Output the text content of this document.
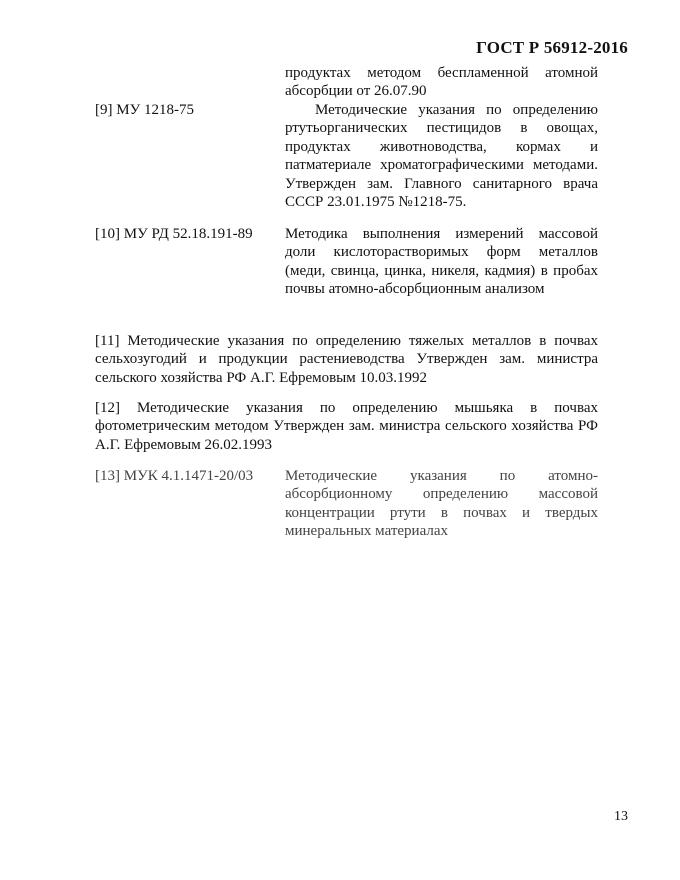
ГОСТ Р 56912-2016
продуктах методом беспламенной атомной абсорбции от 26.07.90
[9] МУ 1218-75	Методические указания по определению ртутьорганических пестицидов в овощах, продуктах животноводства, кормах и патматериале хроматографическими методами. Утвержден зам. Главного санитарного врача СССР 23.01.1975 №1218-75.
[10] МУ РД 52.18.191-89	Методика выполнения измерений массовой доли кислоторастворимых форм металлов (меди, свинца, цинка, никеля, кадмия) в пробах почвы атомно-абсорбционным анализом
[11] Методические указания по определению тяжелых металлов в почвах сельхозугодий и продукции растениеводства Утвержден зам. министра сельского хозяйства РФ А.Г. Ефремовым 10.03.1992
[12] Методические указания по определению мышьяка в почвах фотометрическим методом Утвержден зам. министра сельского хозяйства РФ А.Г. Ефремовым 26.02.1993
[13] МУК 4.1.1471-20/03	Методические указания по атомно-абсорбционному определению массовой концентрации ртути в почвах и твердых минеральных материалах
13
